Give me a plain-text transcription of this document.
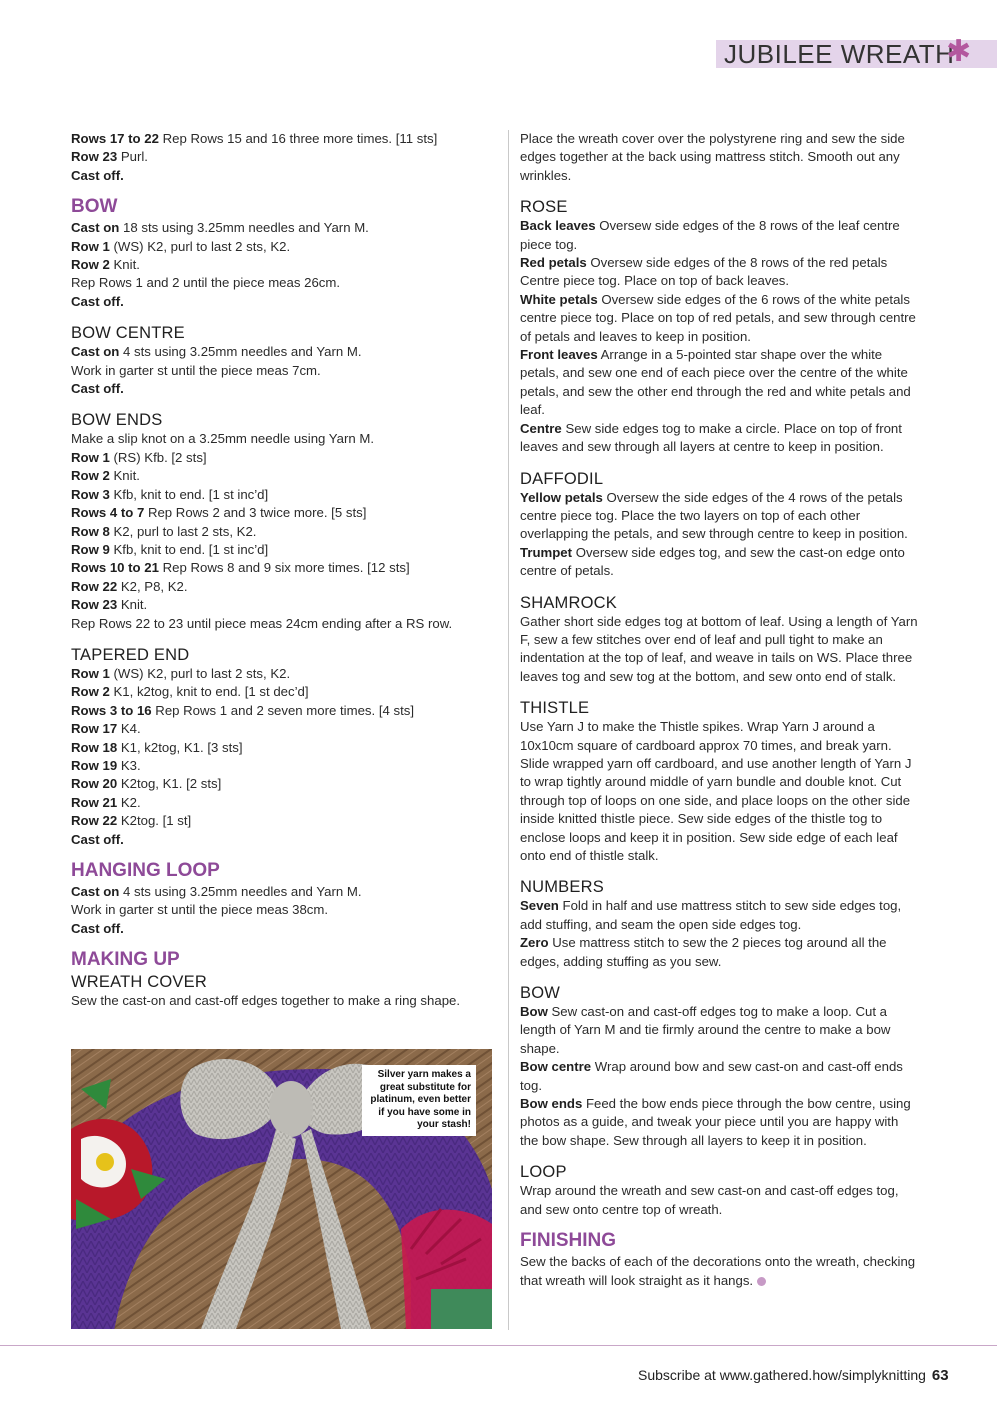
JUBILEE WREATH
✱
Rows 17 to 22 Rep Rows 15 and 16 three more times. [11 sts]
Row 23 Purl.
Cast off.
BOW
Cast on 18 sts using 3.25mm needles and Yarn M.
Row 1 (WS) K2, purl to last 2 sts, K2.
Row 2 Knit.
Rep Rows 1 and 2 until the piece meas 26cm.
Cast off.
BOW CENTRE
Cast on 4 sts using 3.25mm needles and Yarn M.
Work in garter st until the piece meas 7cm.
Cast off.
BOW ENDS
Make a slip knot on a 3.25mm needle using Yarn M.
Row 1 (RS) Kfb. [2 sts]
Row 2 Knit.
Row 3 Kfb, knit to end. [1 st inc’d]
Rows 4 to 7 Rep Rows 2 and 3 twice more. [5 sts]
Row 8 K2, purl to last 2 sts, K2.
Row 9 Kfb, knit to end. [1 st inc’d]
Rows 10 to 21 Rep Rows 8 and 9 six more times. [12 sts]
Row 22 K2, P8, K2.
Row 23 Knit.
Rep Rows 22 to 23 until piece meas 24cm ending after a RS row.
TAPERED END
Row 1 (WS) K2, purl to last 2 sts, K2.
Row 2 K1, k2tog, knit to end. [1 st dec’d]
Rows 3 to 16 Rep Rows 1 and 2 seven more times. [4 sts]
Row 17 K4.
Row 18 K1, k2tog, K1. [3 sts]
Row 19 K3.
Row 20 K2tog, K1. [2 sts]
Row 21 K2.
Row 22 K2tog. [1 st]
Cast off.
HANGING LOOP
Cast on 4 sts using 3.25mm needles and Yarn M.
Work in garter st until the piece meas 38cm.
Cast off.
MAKING UP
WREATH COVER
Sew the cast-on and cast-off edges together to make a ring shape.
Silver yarn makes a great substitute for platinum, even better if you have some in your stash!
Place the wreath cover over the polystyrene ring and sew the side
edges together at the back using mattress stitch. Smooth out any
wrinkles.
ROSE
Back leaves Oversew side edges of the 8 rows of the leaf centre
piece tog.
Red petals Oversew side edges of the 8 rows of the red petals
Centre piece tog. Place on top of back leaves.
White petals Oversew side edges of the 6 rows of the white petals
centre piece tog. Place on top of red petals, and sew through centre
of petals and leaves to keep in position.
Front leaves Arrange in a 5-pointed star shape over the white
petals, and sew one end of each piece over the centre of the white
petals, and sew the other end through the red and white petals and
leaf.
Centre Sew side edges tog to make a circle. Place on top of front
leaves and sew through all layers at centre to keep in position.
DAFFODIL
Yellow petals Oversew the side edges of the 4 rows of the petals
centre piece tog. Place the two layers on top of each other
overlapping the petals, and sew through centre to keep in position.
Trumpet Oversew side edges tog, and sew the cast-on edge onto
centre of petals.
SHAMROCK
Gather short side edges tog at bottom of leaf. Using a length of Yarn
F, sew a few stitches over end of leaf and pull tight to make an
indentation at the top of leaf, and weave in tails on WS. Place three
leaves tog and sew tog at the bottom, and sew onto end of stalk.
THISTLE
Use Yarn J to make the Thistle spikes. Wrap Yarn J around a
10x10cm square of cardboard approx 70 times, and break yarn.
Slide wrapped yarn off cardboard, and use another length of Yarn J
to wrap tightly around middle of yarn bundle and double knot. Cut
through top of loops on one side, and place loops on the other side
inside knitted thistle piece. Sew side edges of the thistle tog to
enclose loops and keep it in position. Sew side edge of each leaf
onto end of thistle stalk.
NUMBERS
Seven Fold in half and use mattress stitch to sew side edges tog,
add stuffing, and seam the open side edges tog.
Zero Use mattress stitch to sew the 2 pieces tog around all the
edges, adding stuffing as you sew.
BOW
Bow Sew cast-on and cast-off edges tog to make a loop. Cut a
length of Yarn M and tie firmly around the centre to make a bow
shape.
Bow centre Wrap around bow and sew cast-on and cast-off ends
tog.
Bow ends Feed the bow ends piece through the bow centre, using
photos as a guide, and tweak your piece until you are happy with
the bow shape. Sew through all layers to keep it in position.
LOOP
Wrap around the wreath and sew cast-on and cast-off edges tog,
and sew onto centre top of wreath.
FINISHING
Sew the backs of each of the decorations onto the wreath, checking
that wreath will look straight as it hangs.
Subscribe at www.gathered.how/simplyknitting 63
